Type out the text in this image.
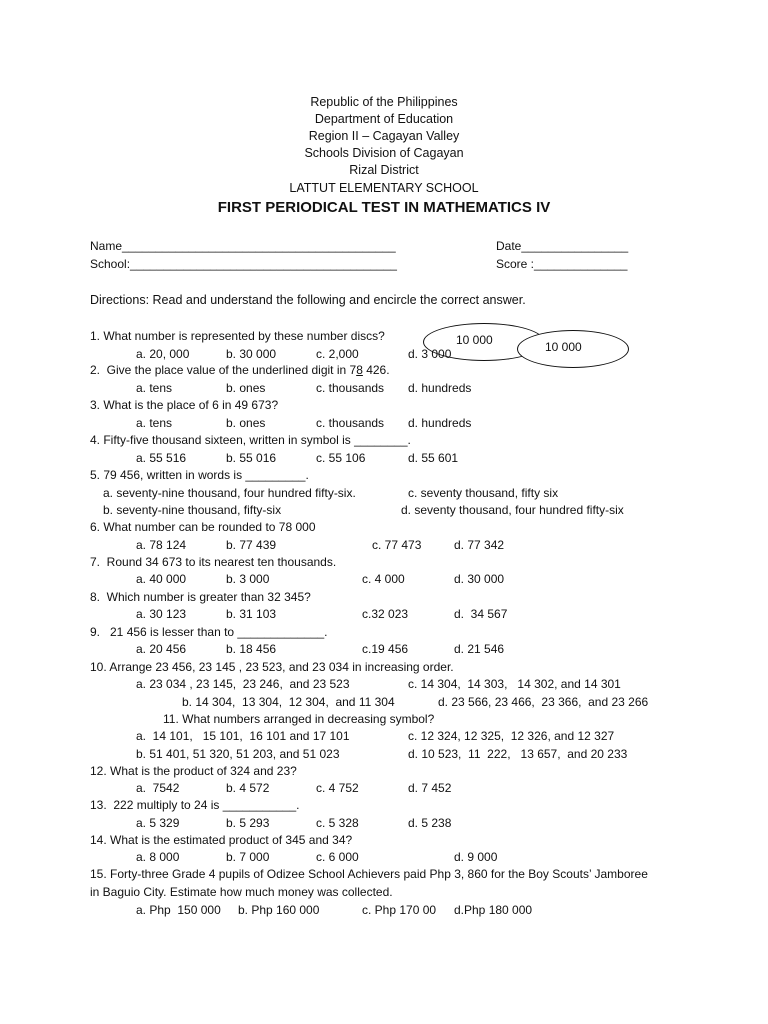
Republic of the Philippines
Department of Education
Region II – Cagayan Valley
Schools Division of Cagayan
Rizal District
LATTUT ELEMENTARY SCHOOL
FIRST PERIODICAL TEST IN MATHEMATICS IV
Name_________________________________________	Date________________
School:________________________________________	Score :______________
Directions: Read and understand the following and encircle the correct answer.
10 000	10 000
1. What number is represented by these number discs?
a. 20, 000	b. 30 000	c. 2,000	d. 3 000
2.  Give the place value of the underlined digit in 78 426.
a. tens	b. ones	c. thousands d. hundreds
3. What is the place of 6 in 49 673?
a. tens	b. ones	c. thousands d. hundreds
4. Fifty-five thousand sixteen, written in symbol is ________.
a. 55 516	b. 55 016	c. 55 106	d. 55 601
5. 79 456, written in words is _________.
a. seventy-nine thousand, four hundred fifty-six.	c. seventy thousand, fifty six
b. seventy-nine thousand, fifty-six	d. seventy thousand, four hundred fifty-six
6. What number can be rounded to 78 000
a. 78 124	b. 77 439	c. 77 473	d. 77 342
7.  Round 34 673 to its nearest ten thousands.
a. 40 000	b. 3 000	c. 4 000	d. 30 000
8.  Which number is greater than 32 345?
a. 30 123	b. 31 103	c.32 023	d.  34 567
9.   21 456 is lesser than to _____________.
a. 20 456	b. 18 456	c.19 456	d. 21 546
10. Arrange 23 456, 23 145 , 23 523, and 23 034 in increasing order.
a. 23 034 , 23 145,  23 246,  and 23 523	c. 14 304,  14 303,   14 302, and 14 301
b. 14 304,  13 304,  12 304,  and 11 304	d. 23 566, 23 466,  23 366,  and 23 266
11. What numbers arranged in decreasing symbol?
a.  14 101,   15 101,  16 101 and 17 101	c. 12 324, 12 325,  12 326, and 12 327
b. 51 401, 51 320, 51 203, and 51 023	d. 10 523,  11  222,   13 657,  and 20 233
12. What is the product of 324 and 23?
a.  7542	b. 4 572	c. 4 752	d. 7 452
13.  222 multiply to 24 is ___________.
a. 5 329	b. 5 293	c. 5 328	d. 5 238
14. What is the estimated product of 345 and 34?
a. 8 000	b. 7 000	c. 6 000	d. 9 000
15. Forty-three Grade 4 pupils of Odizee School Achievers paid Php 3, 860 for the Boy Scouts’ Jamboree
in Baguio City. Estimate how much money was collected.
a. Php  150 000 b. Php 160 000	c. Php 170 00 d.Php 180 000
